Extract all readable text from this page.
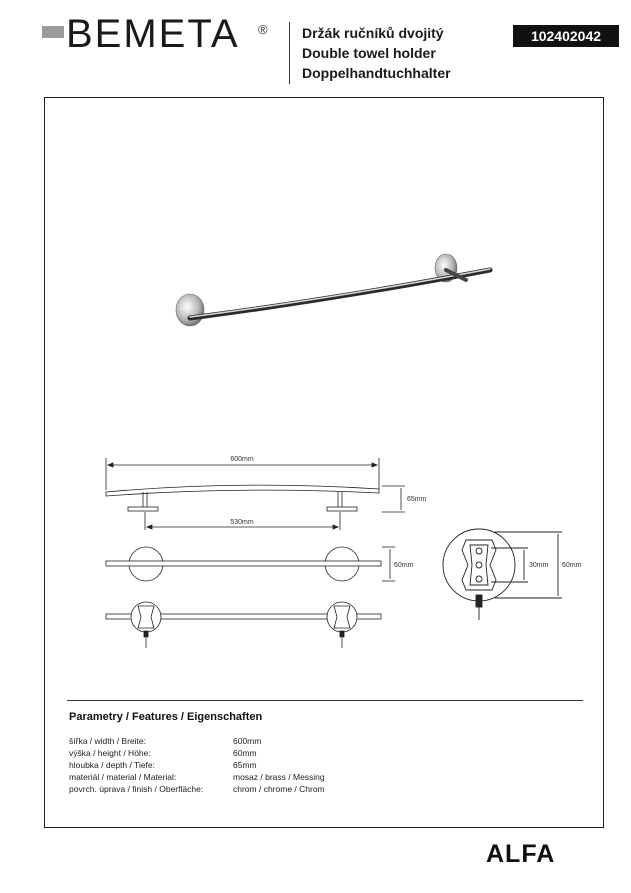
BEMETA ® Držák ručníků dvojitý
Double towel holder
Doppelhandtuchhalter
102402042
600mm
65mm
530mm
60mm	30mm 60mm
Parametry / Features / Eigenschaften
šířka / width / Breite:	600mm
výška / height / Höhe:	60mm
hloubka / depth / Tiefe:	65mm
materiál / material / Material:	mosaz / brass / Messing
povrch. úprava / finish / Oberfläche:	chrom / chrome / Chrom
ALFA
